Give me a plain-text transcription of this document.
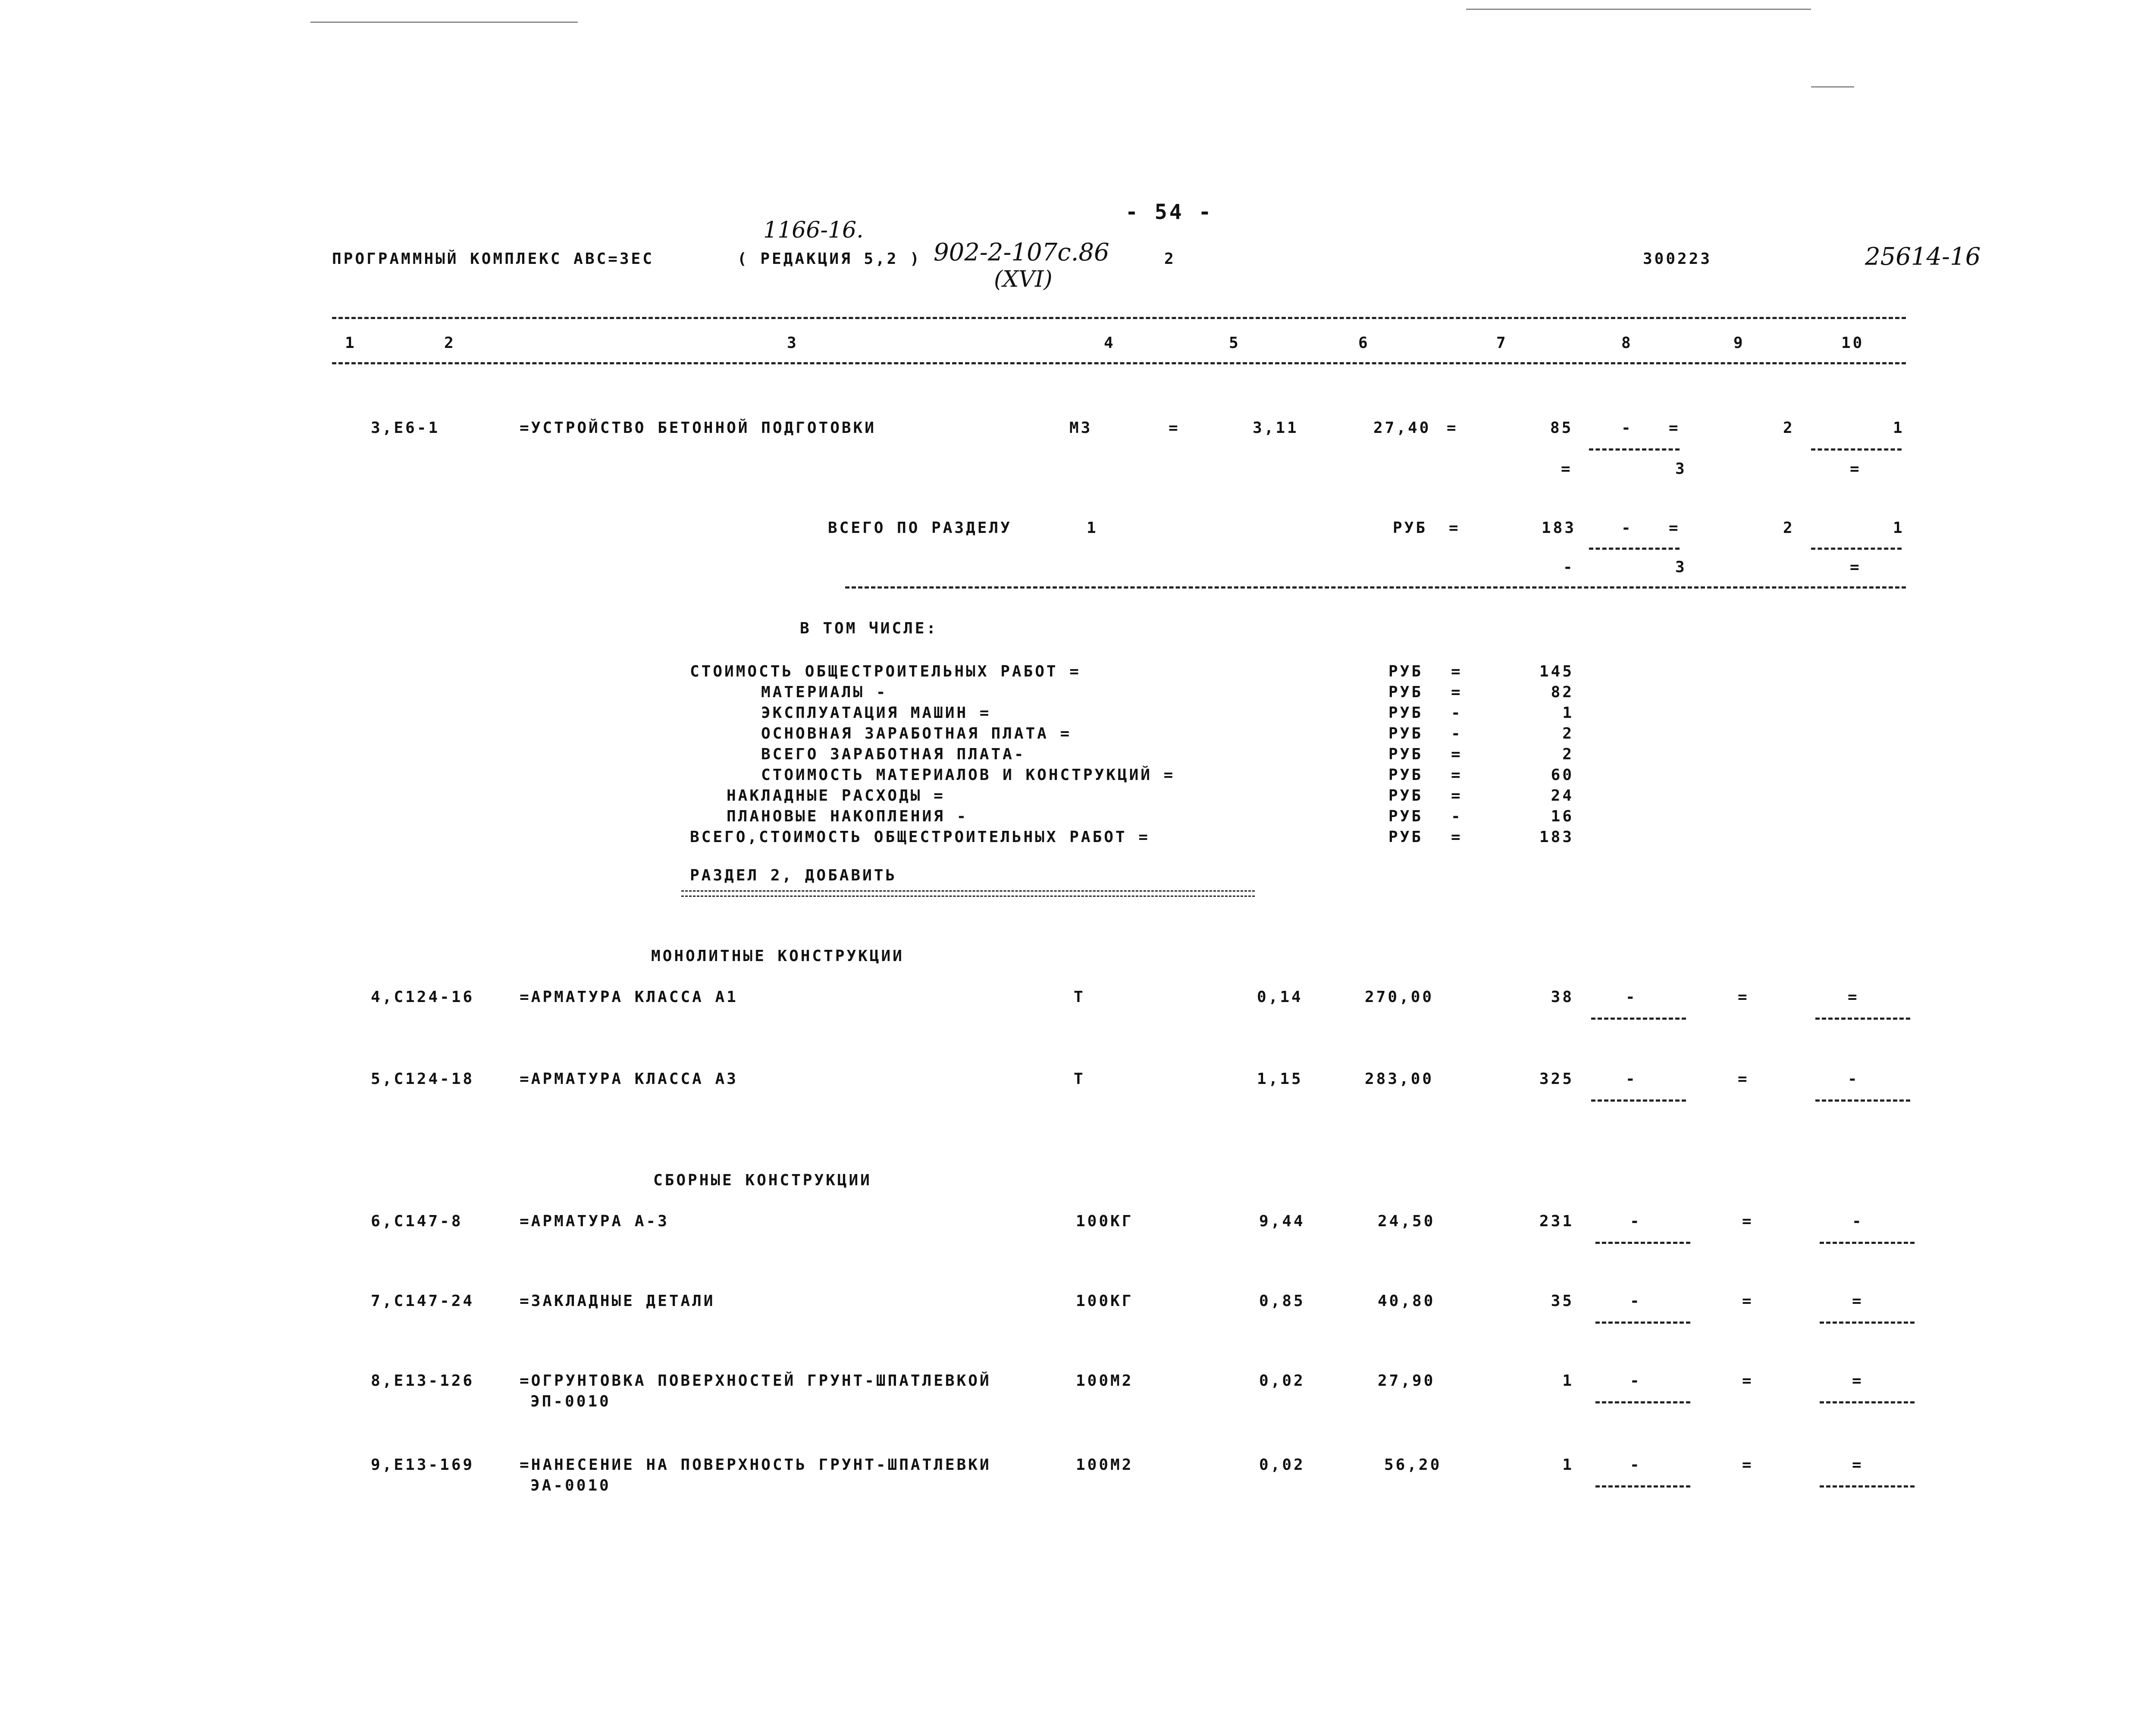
- 54 -
ПРОГРАММНЫЙ КОМПЛЕКС АВС=ЗЕС	( РЕДАКЦИЯ 5,2 )
1166-16.
902-2-107с.86
(XVI)
2	300223	25614-16
1	2	3	4	5	6	7	8	9	10
3,Е6-1	=УСТРОЙСТВО БЕТОННОЙ ПОДГОТОВКИ	М3	=	3,11	27,40 =	85	- =	2	1
=	3	=
ВСЕГО ПО РАЗДЕЛУ	1	РУБ =	183	- =	2	1
-	3	=
В ТОМ ЧИСЛЕ:
СТОИМОСТЬ ОБЩЕСТРОИТЕЛЬНЫХ РАБОТ =	РУБ =	145
МАТЕРИАЛЫ -	РУБ =	82
ЭКСПЛУАТАЦИЯ МАШИН =	РУБ -	1
ОСНОВНАЯ ЗАРАБОТНАЯ ПЛАТА =	РУБ -	2
ВСЕГО ЗАРАБОТНАЯ ПЛАТА-	РУБ =	2
СТОИМОСТЬ МАТЕРИАЛОВ И КОНСТРУКЦИЙ =	РУБ =	60
НАКЛАДНЫЕ РАСХОДЫ =	РУБ =	24
ПЛАНОВЫЕ НАКОПЛЕНИЯ -	РУБ -	16
ВСЕГО,СТОИМОСТЬ ОБЩЕСТРОИТЕЛЬНЫХ РАБОТ =	РУБ =	183
РАЗДЕЛ 2, ДОБАВИТЬ
МОНОЛИТНЫЕ КОНСТРУКЦИИ
4,С124-16	=АРМАТУРА КЛАССА А1	Т	0,14	270,00	38	-	=	=
5,С124-18	=АРМАТУРА КЛАССА А3	Т	1,15	283,00	325	-	=	-
СБОРНЫЕ КОНСТРУКЦИИ
6,С147-8	=АРМАТУРА А-3	100КГ	9,44	24,50	231	-	=	-
7,С147-24	=ЗАКЛАДНЫЕ ДЕТАЛИ	100КГ	0,85	40,80	35	-	=	=
8,Е13-126	=ОГРУНТОВКА ПОВЕРХНОСТЕЙ ГРУНТ-ШПАТЛЕВКОЙ
ЭП-0010
100М2	0,02	27,90	1	-	=	=
9,Е13-169	=НАНЕСЕНИЕ НА ПОВЕРХНОСТЬ ГРУНТ-ШПАТЛЕВКИ
ЭА-0010
100М2	0,02	56,20	1	-	=	=
